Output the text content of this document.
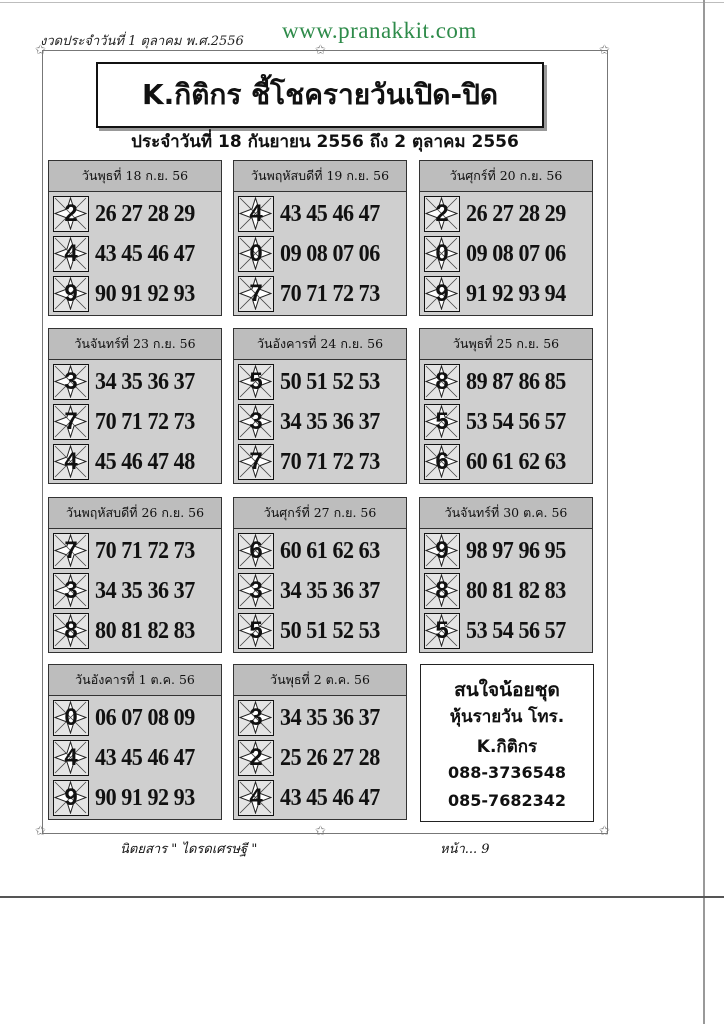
งวดประจำวันที่ 1 ตุลาคม พ.ศ.2556 www.pranakkit.com
✩	✩	✩
✩	✩	✩
K.กิติกร ชี้โชครายวันเปิด-ปิด
ประจำวันที่ 18 กันยายน 2556 ถึง 2 ตุลาคม 2556
วันพุธที่ 18 ก.ย. 56
2 26 27 28 29
4 43 45 46 47
9 90 91 92 93
วันพฤหัสบดีที่ 19 ก.ย. 56
4 43 45 46 47
0 09 08 07 06
7 70 71 72 73
วันศุกร์ที่ 20 ก.ย. 56
2 26 27 28 29
0 09 08 07 06
9 91 92 93 94
วันจันทร์ที่ 23 ก.ย. 56
3 34 35 36 37
7 70 71 72 73
4 45 46 47 48
วันอังคารที่ 24 ก.ย. 56
5 50 51 52 53
3 34 35 36 37
7 70 71 72 73
วันพุธที่ 25 ก.ย. 56
8 89 87 86 85
5 53 54 56 57
6 60 61 62 63
วันพฤหัสบดีที่ 26 ก.ย. 56
7 70 71 72 73
3 34 35 36 37
8 80 81 82 83
วันศุกร์ที่ 27 ก.ย. 56
6 60 61 62 63
3 34 35 36 37
5 50 51 52 53
วันจันทร์ที่ 30 ต.ค. 56
9 98 97 96 95
8 80 81 82 83
5 53 54 56 57
วันอังคารที่ 1 ต.ค. 56
0 06 07 08 09
4 43 45 46 47
9 90 91 92 93
วันพุธที่ 2 ต.ค. 56
3 34 35 36 37
2 25 26 27 28
4 43 45 46 47
สนใจน้อยชุด
หุ้นรายวัน โทร.
K.กิติกร
088-3736548
085-7682342
นิตยสาร " ไดรดเศรษฐี "	หน้า... 9
